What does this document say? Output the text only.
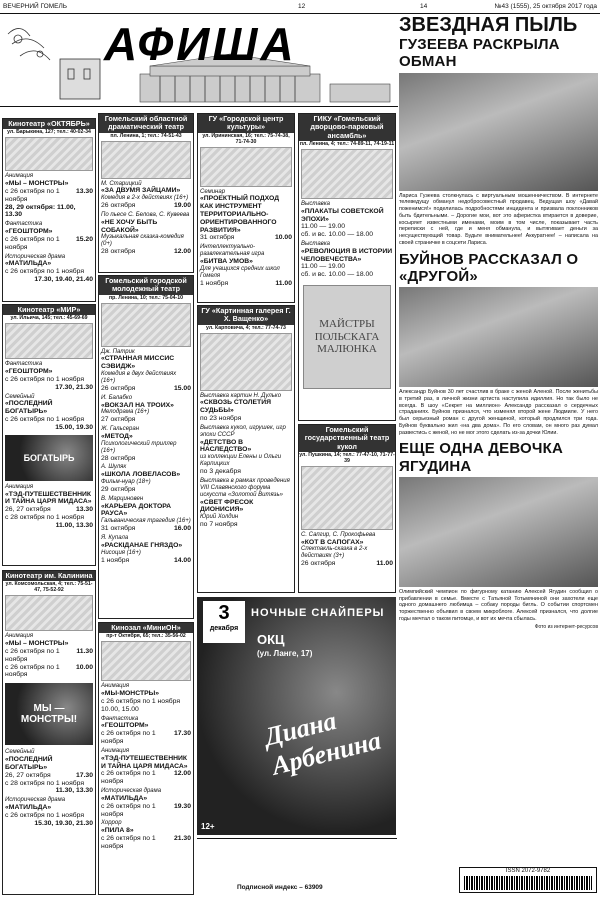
ВЕЧЕРНИЙ ГОМЕЛЬ	12	14	№43 (1555), 25 октября 2017 года
АФИША
Кинотеатр «ОКТЯБРЬ»
ул. Барыкина, 127; тел.: 40-02-34
Анимация
«МЫ – МОНСТРЫ»
с 26 октября по 1 ноября
13.30
28, 29 октября: 11.00, 13.30
Фантастика
«ГЕОШТОРМ»
с 26 октября по 1 ноября
15.20
Историческая драма
«МАТИЛЬДА»
с 26 октября по 1 ноября
17.30, 19.40, 21.40
Кинотеатр «МИР»
ул. Ильича, 145; тел.: 45-69-69
Фантастика
«ГЕОШТОРМ»
с 26 октября по 1 ноября
17.30, 21.30
Семейный
«ПОСЛЕДНИЙ БОГАТЫРЬ»
с 26 октября по 1 ноября
15.00, 19.30
БОГАТЫРЬ
Анимация
«ТЭД-ПУТЕШЕСТВЕННИК И ТАЙНА ЦАРЯ МИДАСА»
26, 27 октября	13.30
с 28 октября по 1 ноября
11.00, 13.30
Кинотеатр им. Калинина
ул. Комсомольская, 4; тел.: 75-51-47, 75-52-92
Анимация
«МЫ – МОНСТРЫ»
с 26 октября по 1 ноября
11.30
с 26 октября по 1 ноября
10.00
МЫ — МОНСТРЫ!
Семейный
«ПОСЛЕДНИЙ БОГАТЫРЬ»
26, 27 октября	17.30
с 28 октября по 1 ноября
11.30, 13.30
Историческая драма
«МАТИЛЬДА»
с 26 октября по 1 ноября
15.30, 19.30, 21.30
Гомельский областной драматический театр
пл. Ленина, 1; тел.: 74-51-43
М. Старицкий
«ЗА ДВУМЯ ЗАЙЦАМИ»
Комедия в 2-х действиях (16+)
26 октября	19.00
По пьесе С. Белова, С. Кувеева
«НЕ ХОЧУ БЫТЬ СОБАКОЙ»
Музыкальная сказка-комедия (0+)
28 октября	12.00
Гомельский городской молодежный театр
пр. Ленина, 10; тел.: 75-04-10
Дж. Патрик
«СТРАННАЯ МИССИС СЭВИДЖ»
Комедия в двух действиях (16+)
26 октября	15.00
И. Балабко
«ВОКЗАЛ НА ТРОИХ»
Мелодрама (16+)
27 октября
Ж. Гальсеран
«МЕТОД»
Психологический триллер (16+)
28 октября
А. Шуляк
«ШКОЛА ЛОВЕЛАСОВ»
Фильм-нуар (18+)
29 октября
В. Марциновен
«КАРЬЕРА ДОКТОРА РАУСА»
Гальваническая трагедия (16+)
31 октября	16.00
Я. Купала
«РАСКІДАНАЕ ГНЯЗДО»
Нисоция (16+)
1 ноября	14.00
Кинозал «МиниОН»
пр-т Октября, 65; тел.: 35-56-02
Анимация
«МЫ-МОНСТРЫ»
с 26 октября по 1 ноября
10.00, 15.00
Фантастика
«ГЕОШТОРМ»
с 26 октября по 1 ноября
17.30
Анимация
«ТЭД-ПУТЕШЕСТВЕННИК И ТАЙНА ЦАРЯ МИДАСА»
с 26 октября по 1 ноября
12.00
Историческая драма
«МАТИЛЬДА»
с 26 октября по 1 ноября
19.30
Хоррор
«ПИЛА 8»
с 26 октября по 1 ноября
21.30
ГУ «Городской центр культуры»
ул. Ирининская, 16; тел.: 75-74-38, 71-74-30
Семинар
«ПРОЕКТНЫЙ ПОДХОД КАК ИНСТРУМЕНТ ТЕРРИТОРИАЛЬНО-ОРИЕНТИРОВАННОГО РАЗВИТИЯ»
31 октября	10.00
Интеллектуально-развлекательная игра
«БИТВА УМОВ»
Для учащихся средних школ Гомеля
1 ноября	11.00
ГУ «Картинная галерея Г. Х. Ващенко»
ул. Карповича, 4; тел.: 77-74-73
Выставка картин Н. Дулько
«СКВОЗЬ СТОЛЕТИЯ СУДЬБЫ»
по 23 ноября
Выставка кукол, игрушек, игр эпохи СССР
«ДЕТСТВО В НАСЛЕДСТВО»
из коллекции Елены и Ольги Карпицких
по 3 декабря
Выставка в рамках проведения VIII Славянского форума искусств «Золотой Витязь»
«СВЕТ ФРЕСОК ДИОНИСИЯ»
Юрий Холдин
по 7 ноября
ГИКУ «Гомельский дворцово-парковый ансамбль»
пл. Ленина, 4; тел.: 74-89-11, 74-19-11
Выставка
«ПЛАКАТЫ СОВЕТСКОЙ ЭПОХИ»
11.00 — 19.00
сб. и вс. 10.00 — 18.00
Выставка
«РЕВОЛЮЦИЯ В ИСТОРИИ ЧЕЛОВЕЧЕСТВА»
11.00 — 19.00
сб. и вс. 10.00 — 18.00
МАЙСТРЫ ПОЛЬСКАГА МАЛЮНКА
Гомельский государственный театр кукол
ул. Пушкина, 14; тел.: 77-47-10, 71-77-39
С. Сапгир, С. Прокофьева
«КОТ В САПОГАХ»
Спектакль-сказка в 2-х действиях (3+)
26 октября	11.00
3
декабря
НОЧНЫЕ СНАЙПЕРЫ
ОКЦ
(ул. Ланге, 17)
Диана Арбенина
12+
Подписной индекс – 63909
ЗВЕЗДНАЯ ПЫЛЬ
ГУЗЕЕВА РАСКРЫЛА ОБМАН
Лариса Гузеева столкнулась с виртуальным мошенничеством. В интернете телеведущу обманул недобросовестный продавец. Ведущая шоу «Давай поженимся!» поделилась подробностями инцидента и призвала поклонников быть бдительными. – Дорогие мои, вот это аферистка втирается в доверие, косыряет известными именами, моим в том числе, показывает часть переписки с ней, где и меня обманула, и вытягивает деньги за несуществующий товар. Будьте внимательнее! Аккуратнее! – написала на своей страничке в соцсети Лариса.
БУЙНОВ РАССКАЗАЛ О «ДРУГОЙ»
Александр Буйнов 30 лет счастлив в браке с женой Аленой. После женитьбы в третий раз, в личной жизни артиста наступила идиллия. Но так было не всегда. В шоу «Секрет на миллион» Александр рассказал о сердечных страданиях. Буйнов признался, что изменял второй жене Людмиле. У него был серьезный роман с другой женщиной, который продлился три года. Буйнов буквально жил «на два дома». По его словам, он много раз думал развестись с женой, но не мог этого сделать из-за дочки Юлии.
ЕЩЕ ОДНА ДЕВОЧКА ЯГУДИНА
Олимпийский чемпион по фигурному катанию Алексей Ягудин сообщил о прибавлении в семье. Вместе с Татьяной Тотьмяниной они захотели еще одного домашнего любимца – собаку породы бигль. О событии спортсмен торжественно объявил в своем микроблоге. Алексей признался, что долгие годы мечтал о таком питомце, и вот их мечта сбылась.
Фото из интернет-ресурсов
ISSN 2072-9782
